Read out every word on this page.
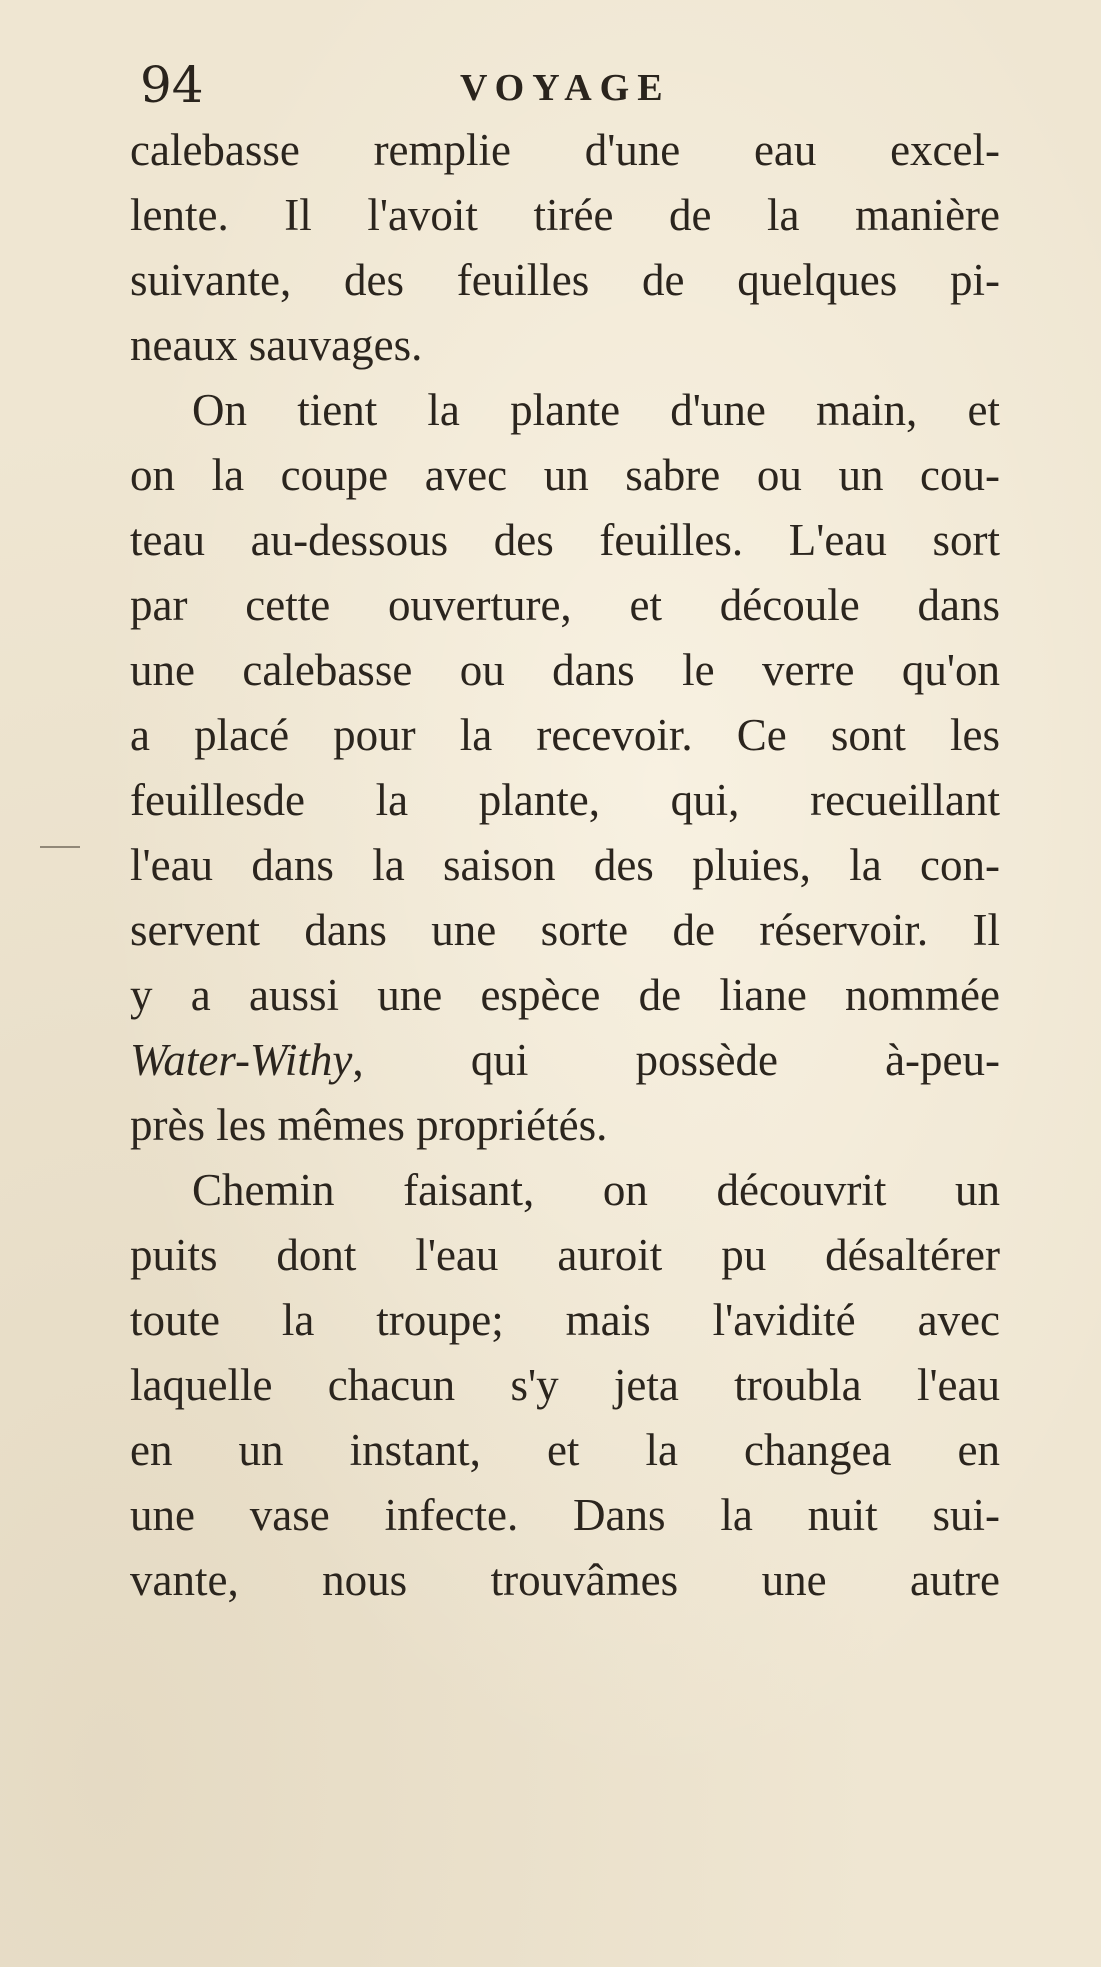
94	VOYAGE
calebasse remplie d'une eau excel-
lente. Il l'avoit tirée de la manière
suivante, des feuilles de quelques pi-
neaux sauvages.
On tient la plante d'une main, et
on la coupe avec un sabre ou un cou-
teau au-dessous des feuilles. L'eau sort
par cette ouverture, et découle dans
une calebasse ou dans le verre qu'on
a placé pour la recevoir. Ce sont les
feuillesde la plante, qui, recueillant
l'eau dans la saison des pluies, la con-
servent dans une sorte de réservoir. Il
y a aussi une espèce de liane nommée
Water-Withy, qui possède à-peu-
près les mêmes propriétés.
Chemin faisant, on découvrit un
puits dont l'eau auroit pu désaltérer
toute la troupe; mais l'avidité avec
laquelle chacun s'y jeta troubla l'eau
en un instant, et la changea en
une vase infecte. Dans la nuit sui-
vante, nous trouvâmes une autre
